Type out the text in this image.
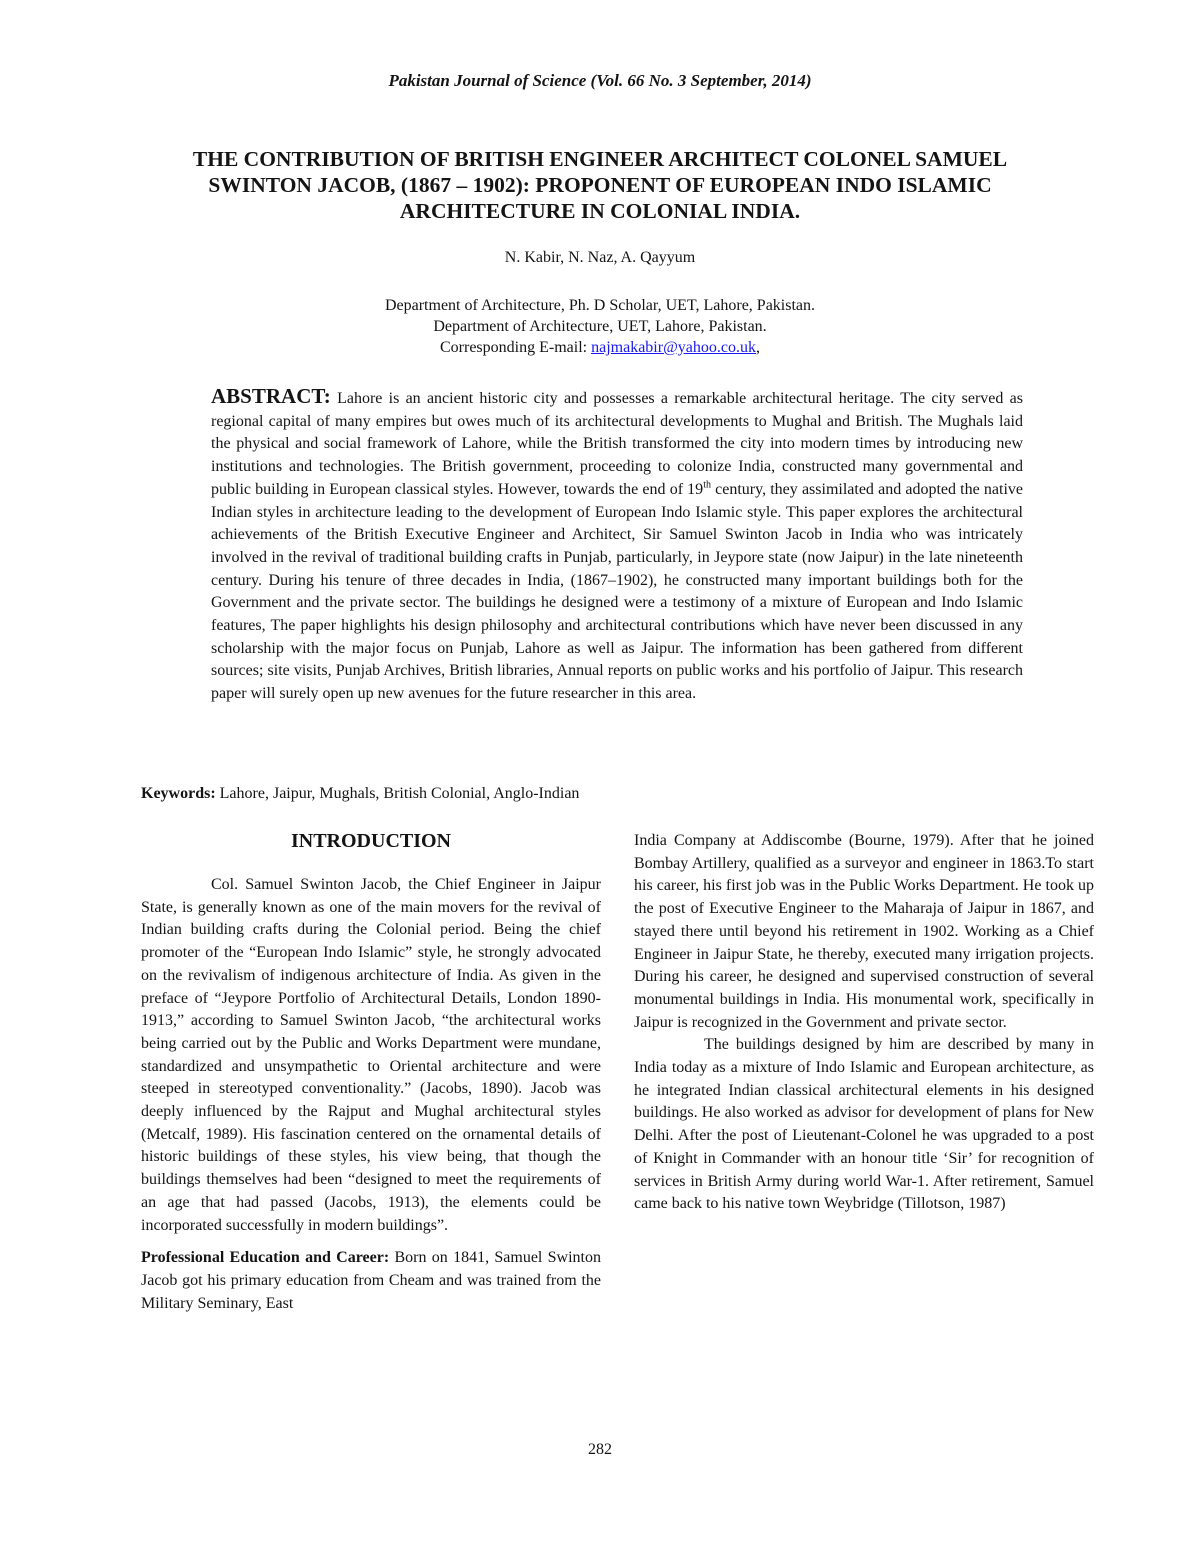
Pakistan Journal of Science (Vol. 66 No. 3 September, 2014)
THE CONTRIBUTION OF BRITISH ENGINEER ARCHITECT COLONEL SAMUEL SWINTON JACOB, (1867 – 1902): PROPONENT OF EUROPEAN INDO ISLAMIC ARCHITECTURE IN COLONIAL INDIA.
N. Kabir, N. Naz, A. Qayyum
Department of Architecture, Ph. D Scholar, UET, Lahore, Pakistan.
Department of Architecture, UET, Lahore, Pakistan.
Corresponding E-mail: najmakabir@yahoo.co.uk,

ABSTRACT: Lahore is an ancient historic city and possesses a remarkable architectural heritage. The city served as regional capital of many empires but owes much of its architectural developments to Mughal and British. The Mughals laid the physical and social framework of Lahore, while the British transformed the city into modern times by introducing new institutions and technologies. The British government, proceeding to colonize India, constructed many governmental and public building in European classical styles. However, towards the end of 19th century, they assimilated and adopted the native Indian styles in architecture leading to the development of European Indo Islamic style. This paper explores the architectural achievements of the British Executive Engineer and Architect, Sir Samuel Swinton Jacob in India who was intricately involved in the revival of traditional building crafts in Punjab, particularly, in Jeypore state (now Jaipur) in the late nineteenth century. During his tenure of three decades in India, (1867–1902), he constructed many important buildings both for the Government and the private sector. The buildings he designed were a testimony of a mixture of European and Indo Islamic features, The paper highlights his design philosophy and architectural contributions which have never been discussed in any scholarship with the major focus on Punjab, Lahore as well as Jaipur. The information has been gathered from different sources; site visits, Punjab Archives, British libraries, Annual reports on public works and his portfolio of Jaipur. This research paper will surely open up new avenues for the future researcher in this area.

Keywords: Lahore, Jaipur, Mughals, British Colonial, Anglo-Indian
INTRODUCTION

Col. Samuel Swinton Jacob, the Chief Engineer in Jaipur State, is generally known as one of the main movers for the revival of Indian building crafts during the Colonial period. Being the chief promoter of the “European Indo Islamic” style, he strongly advocated on the revivalism of indigenous architecture of India. As given in the preface of “Jeypore Portfolio of Architectural Details, London 1890-1913,” according to Samuel Swinton Jacob, “the architectural works being carried out by the Public and Works Department were mundane, standardized and unsympathetic to Oriental architecture and were steeped in stereotyped conventionality.” (Jacobs, 1890). Jacob was deeply influenced by the Rajput and Mughal architectural styles (Metcalf, 1989). His fascination centered on the ornamental details of historic buildings of these styles, his view being, that though the buildings themselves had been “designed to meet the requirements of an age that had passed (Jacobs, 1913), the elements could be incorporated successfully in modern buildings”.

Professional Education and Career: Born on 1841, Samuel Swinton Jacob got his primary education from Cheam and was trained from the Military Seminary, East

India Company at Addiscombe (Bourne, 1979). After that he joined Bombay Artillery, qualified as a surveyor and engineer in 1863.To start his career, his first job was in the Public Works Department. He took up the post of Executive Engineer to the Maharaja of Jaipur in 1867, and stayed there until beyond his retirement in 1902. Working as a Chief Engineer in Jaipur State, he thereby, executed many irrigation projects. During his career, he designed and supervised construction of several monumental buildings in India. His monumental work, specifically in Jaipur is recognized in the Government and private sector.

The buildings designed by him are described by many in India today as a mixture of Indo Islamic and European architecture, as he integrated Indian classical architectural elements in his designed buildings. He also worked as advisor for development of plans for New Delhi. After the post of Lieutenant-Colonel he was upgraded to a post of Knight in Commander with an honour title ‘Sir’ for recognition of services in British Army during world War-1. After retirement, Samuel came back to his native town Weybridge (Tillotson, 1987)

282
